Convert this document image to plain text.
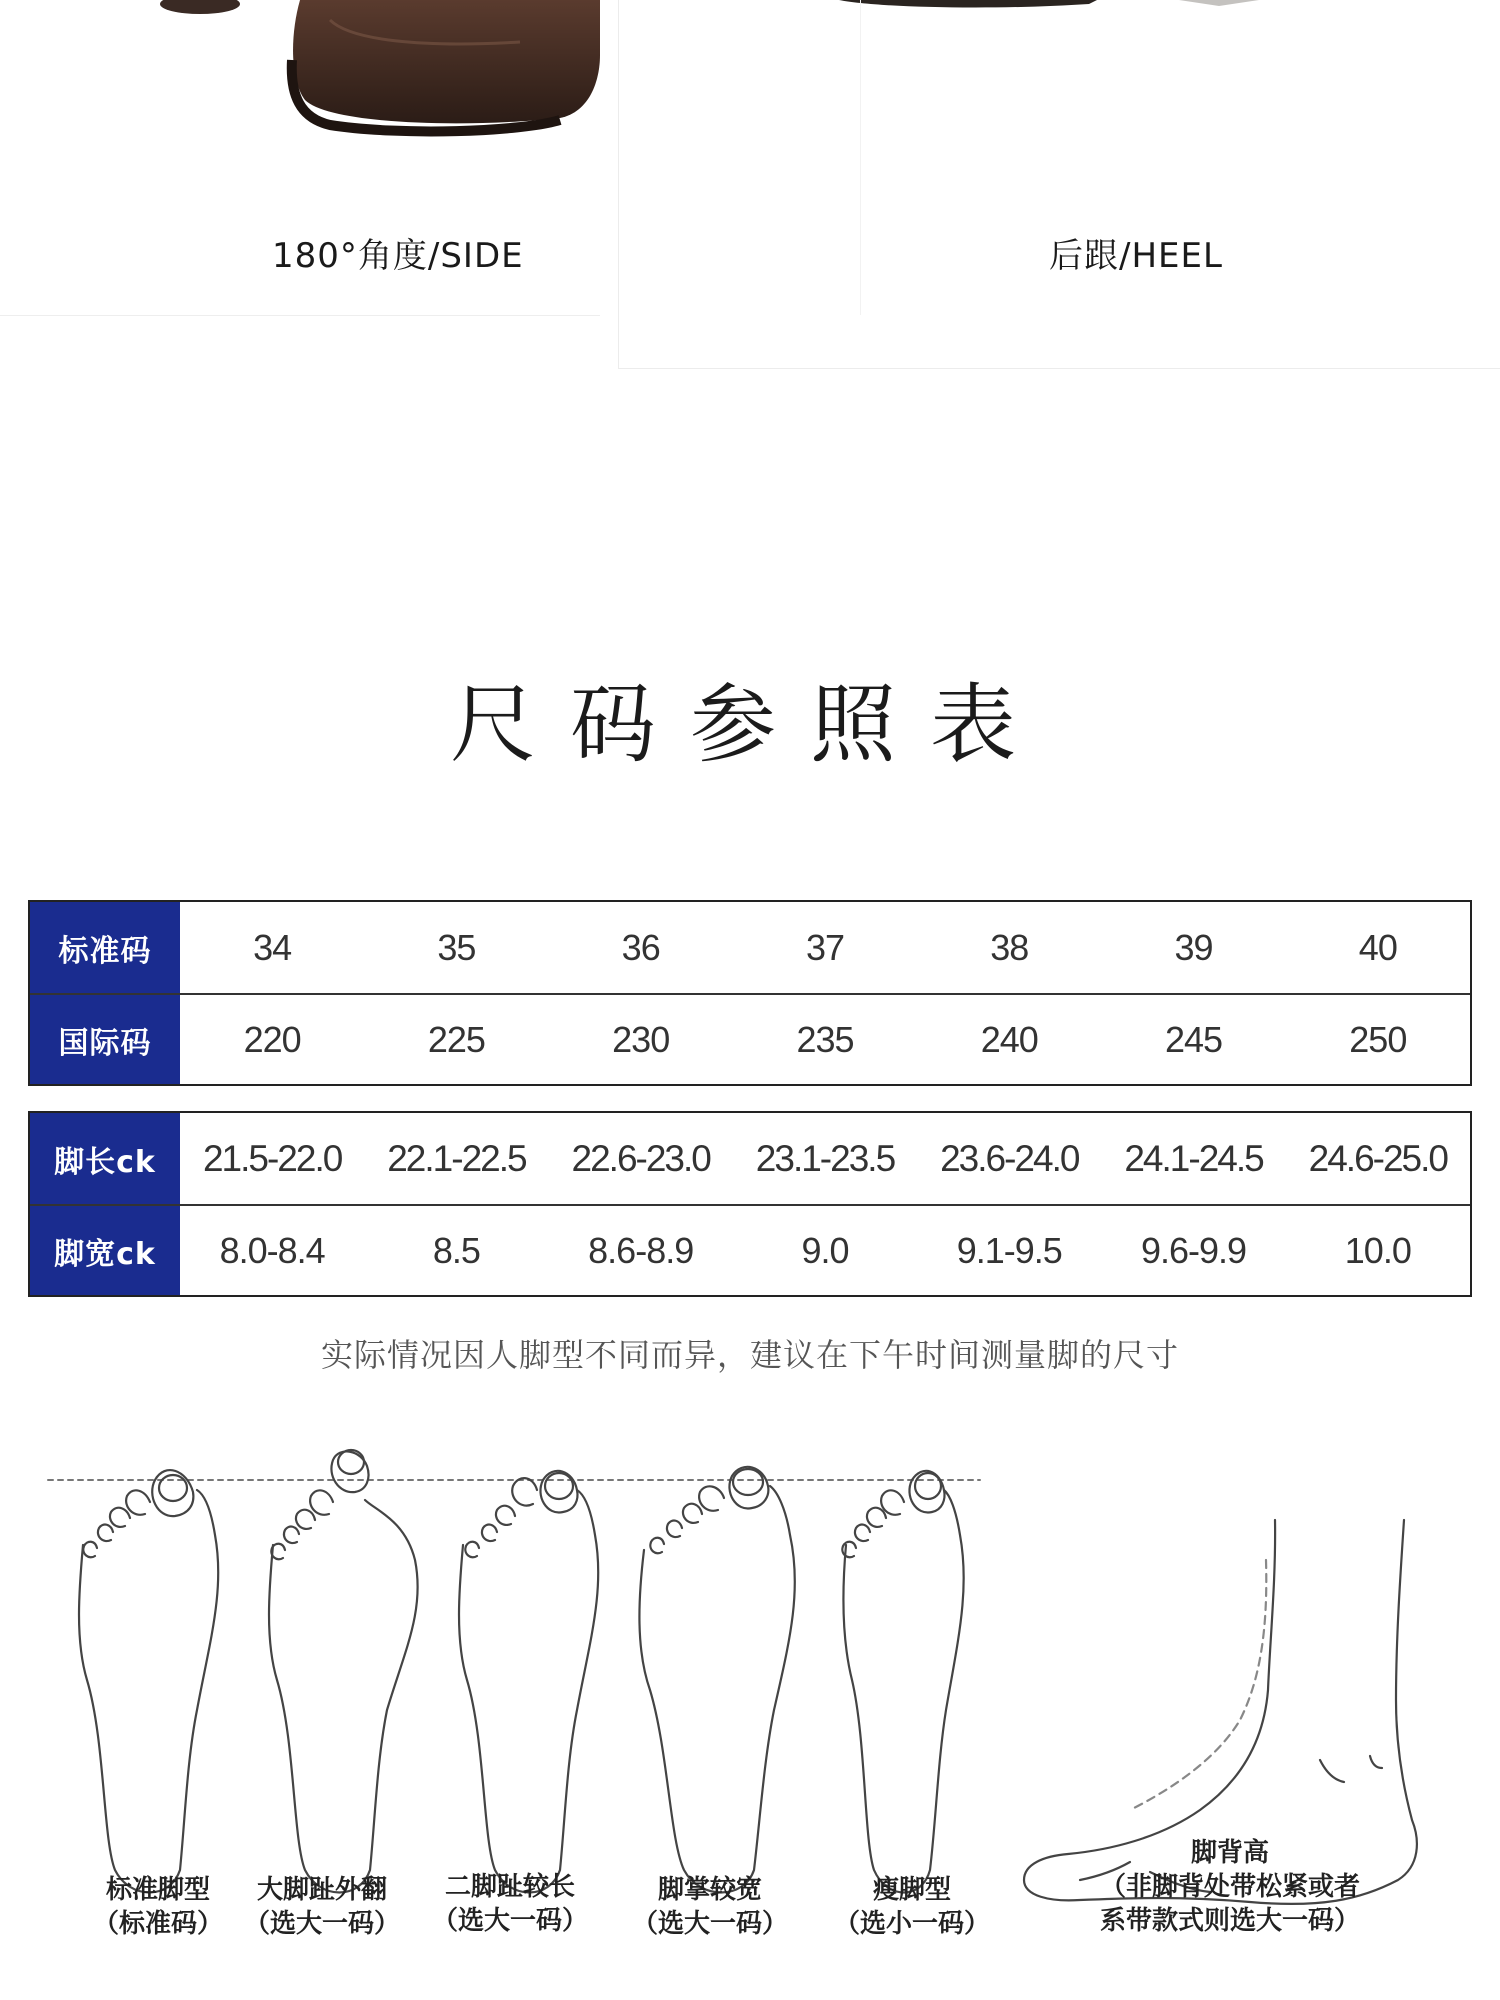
180°角度/SIDE	后跟/HEEL
尺码参照表
标准码	34	35	36	37	38	39	40
国际码	220	225	230	235	240	245	250
脚长ck	21.5-22.0	22.1-22.5	22.6-23.0	23.1-23.5	23.6-24.0	24.1-24.5	24.6-25.0
脚宽ck	8.0-8.4	8.5	8.6-8.9	9.0	9.1-9.5	9.6-9.9	10.0
实际情况因人脚型不同而异，建议在下午时间测量脚的尺寸
标准脚型
（标准码）
大脚趾外翻
（选大一码）
二脚趾较长
（选大一码）
脚掌较宽
（选大一码）
瘦脚型
（选小一码）
脚背高
（非脚背处带松紧或者
系带款式则选大一码）
